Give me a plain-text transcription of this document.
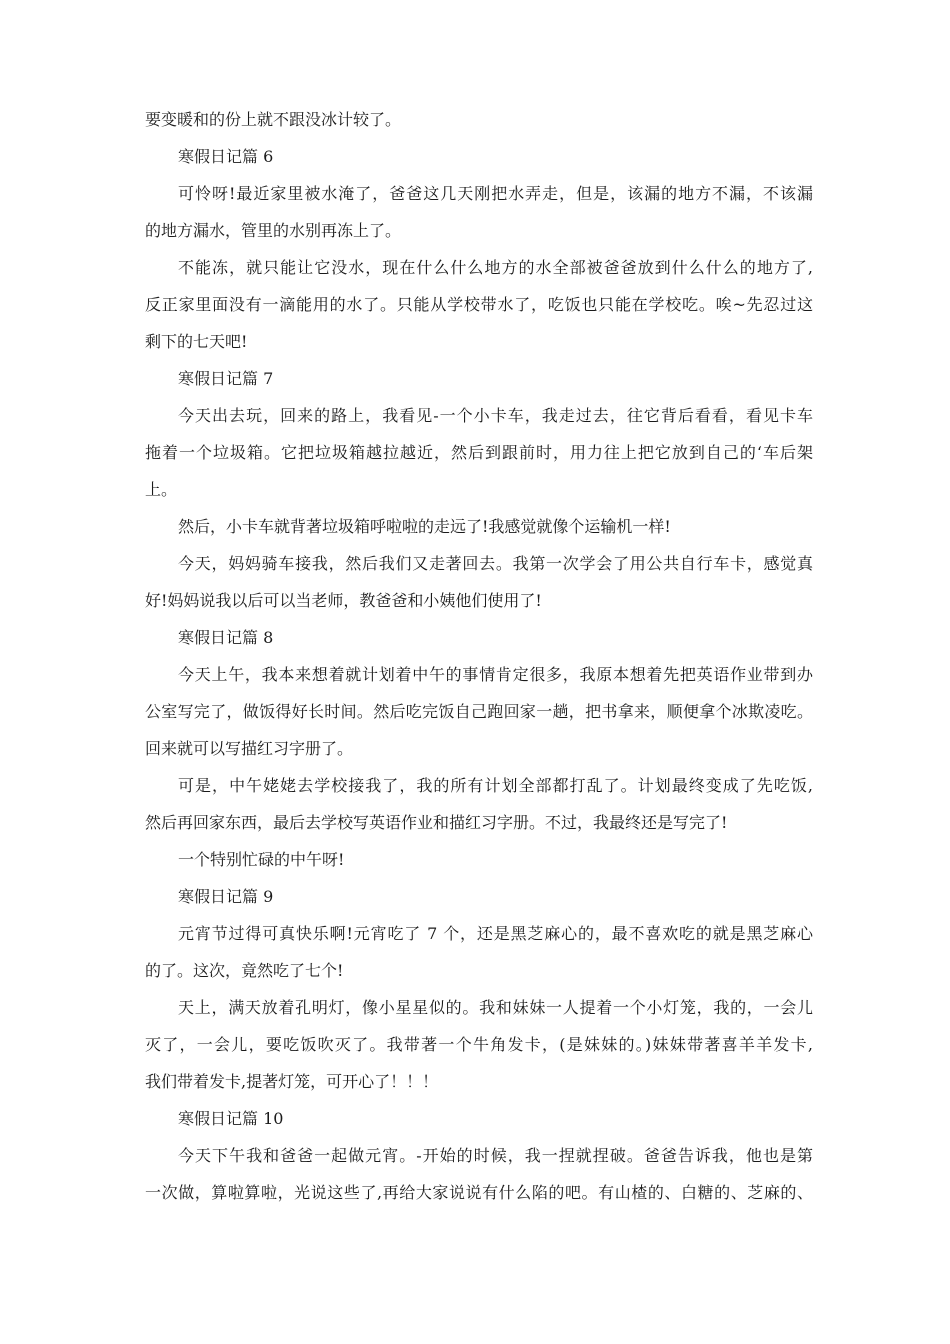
要变暖和的份上就不跟没冰计较了。
寒假日记篇 6
可怜呀!最近家里被水淹了，爸爸这几天刚把水弄走，但是，该漏的地方不漏，不该漏
的地方漏水，管里的水别再冻上了。
不能冻，就只能让它没水，现在什么什么地方的水全部被爸爸放到什么什么的地方了,
反正家里面没有一滴能用的水了。只能从学校带水了，吃饭也只能在学校吃。唉~先忍过这
剩下的七天吧!
寒假日记篇 7
今天出去玩，回来的路上，我看见-一个小卡车，我走过去，往它背后看看，看见卡车
拖着一个垃圾箱。它把垃圾箱越拉越近，然后到跟前时，用力往上把它放到自己的‘车后架
上。
然后，小卡车就背著垃圾箱呼啦啦的走远了!我感觉就像个运输机一样!
今天，妈妈骑车接我，然后我们又走著回去。我第一次学会了用公共自行车卡，感觉真
好!妈妈说我以后可以当老师，教爸爸和小姨他们使用了!
寒假日记篇 8
今天上午，我本来想着就计划着中午的事情肯定很多，我原本想着先把英语作业带到办
公室写完了，做饭得好长时间。然后吃完饭自己跑回家一趟，把书拿来，顺便拿个冰欺凌吃。
回来就可以写描红习字册了。
可是，中午姥姥去学校接我了，我的所有计划全部都打乱了。计划最终变成了先吃饭,
然后再回家东西，最后去学校写英语作业和描红习字册。不过，我最终还是写完了!
一个特别忙碌的中午呀!
寒假日记篇 9
元宵节过得可真快乐啊!元宵吃了 7 个，还是黑芝麻心的，最不喜欢吃的就是黑芝麻心
的了。这次，竟然吃了七个!
天上，满天放着孔明灯，像小星星似的。我和妹妹一人提着一个小灯笼，我的，一会儿
灭了，一会儿，要吃饭吹灭了。我带著一个牛角发卡，(是妹妹的。)妹妹带著喜羊羊发卡,
我们带着发卡,提著灯笼，可开心了！！！
寒假日记篇 10
今天下午我和爸爸一起做元宵。-开始的时候，我一捏就捏破。爸爸告诉我，他也是第
一次做，算啦算啦，光说这些了,再给大家说说有什么陷的吧。有山楂的、白糖的、芝麻的、
